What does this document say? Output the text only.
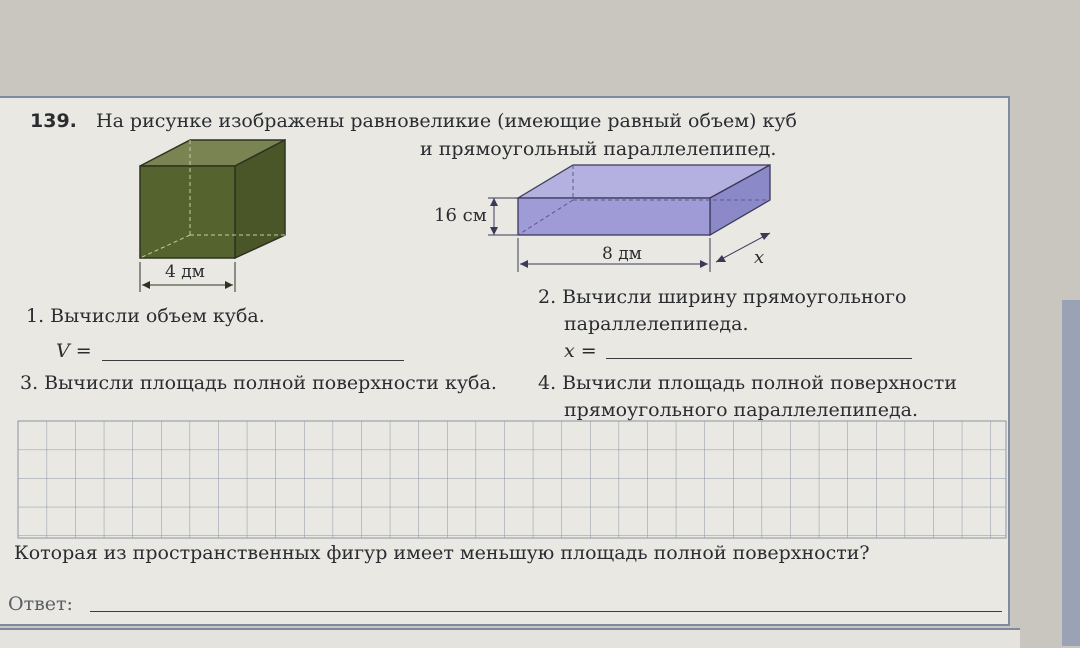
139. На рисунке изображены равновеликие (имеющие равный объем) куб
и прямоугольный параллелепипед.
4 дм
16 см
8 дм	x
1. Вычисли объем куба.
V =
2. Вычисли ширину прямоугольного
параллелепипеда.
x =
3. Вычисли площадь полной поверхности куба. 4. Вычисли площадь полной поверхности
прямоугольного параллелепипеда.
Которая из пространственных фигур имеет меньшую площадь полной поверхности?
Ответ:
